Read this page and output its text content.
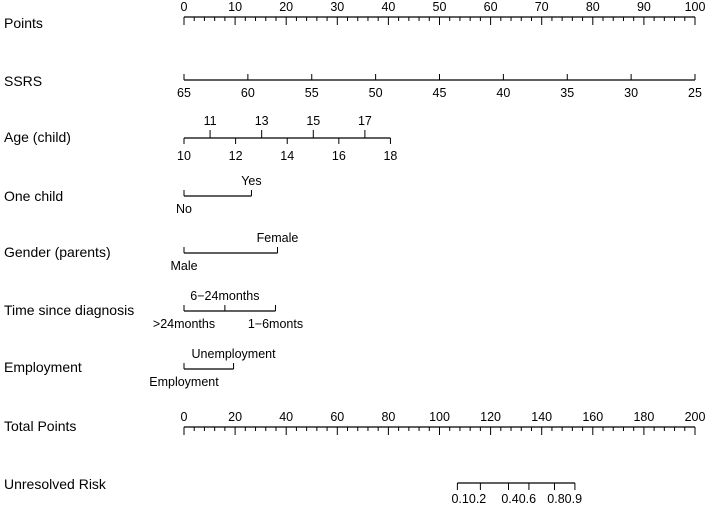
Points
0	10	20	30	40	50	60	70	80	90	100
SSRS
65	60	55	50	45	40	35	30	25
Age (child)
10
11
12
13
14
15
16
17
18
One child
No
Yes
Gender (parents)
Male
Female
Time since diagnosis
>24months
6−24months
1−6monts
Employment
Employment
Unemployment
Total Points
0	20	40	60	80	100 120 140 160 180 200
Unresolved Risk
0.10.2 0.40.6 0.80.9
